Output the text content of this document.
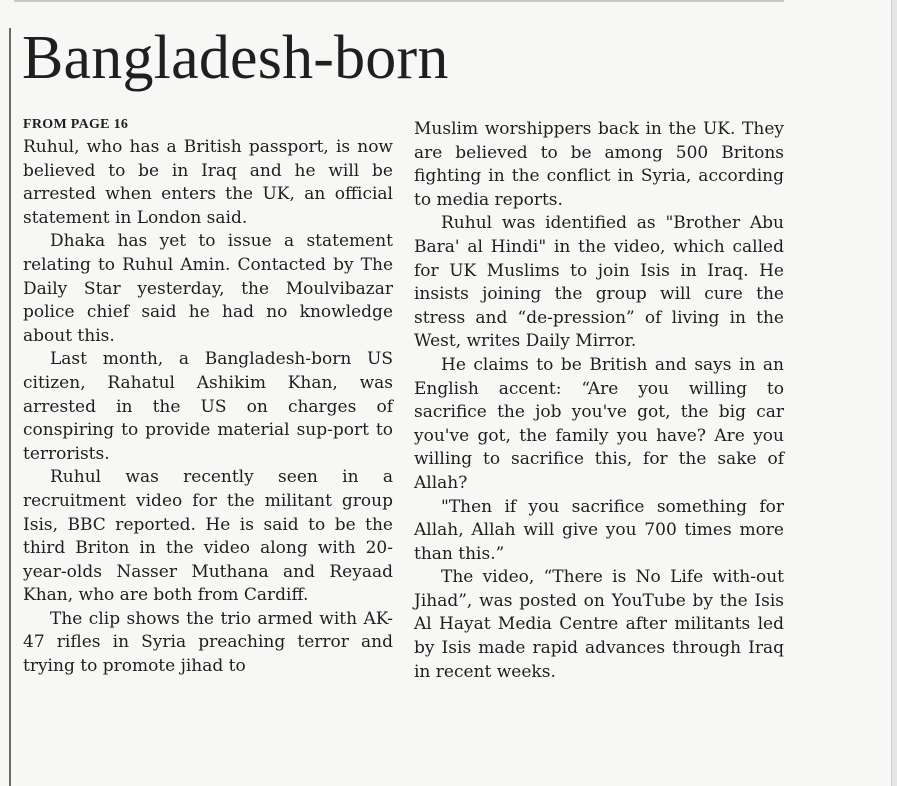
Bangladesh-born

FROM PAGE 16

Ruhul, who has a British passport, is now believed to be in Iraq and he will be arrested when enters the UK, an official statement in London said.

Dhaka has yet to issue a statement relating to Ruhul Amin. Contacted by The Daily Star yesterday, the Moulvibazar police chief said he had no knowledge about this.

Last month, a Bangladesh-born US citizen, Rahatul Ashikim Khan, was arrested in the US on charges of conspiring to provide material sup-port to terrorists.

Ruhul was recently seen in a recruitment video for the militant group Isis, BBC reported. He is said to be the third Briton in the video along with 20-year-olds Nasser Muthana and Reyaad Khan, who are both from Cardiff.

The clip shows the trio armed with AK-47 rifles in Syria preaching terror and trying to promote jihad to

Muslim worshippers back in the UK. They are believed to be among 500 Britons fighting in the conflict in Syria, according to media reports.

Ruhul was identified as "Brother Abu Bara' al Hindi" in the video, which called for UK Muslims to join Isis in Iraq. He insists joining the group will cure the stress and “de-pression” of living in the West, writes Daily Mirror.

He claims to be British and says in an English accent: “Are you willing to sacrifice the job you've got, the big car you've got, the family you have? Are you willing to sacrifice this, for the sake of Allah?

"Then if you sacrifice something for Allah, Allah will give you 700 times more than this.”

The video, “There is No Life with-out Jihad”, was posted on YouTube by the Isis Al Hayat Media Centre after militants led by Isis made rapid advances through Iraq in recent weeks.
